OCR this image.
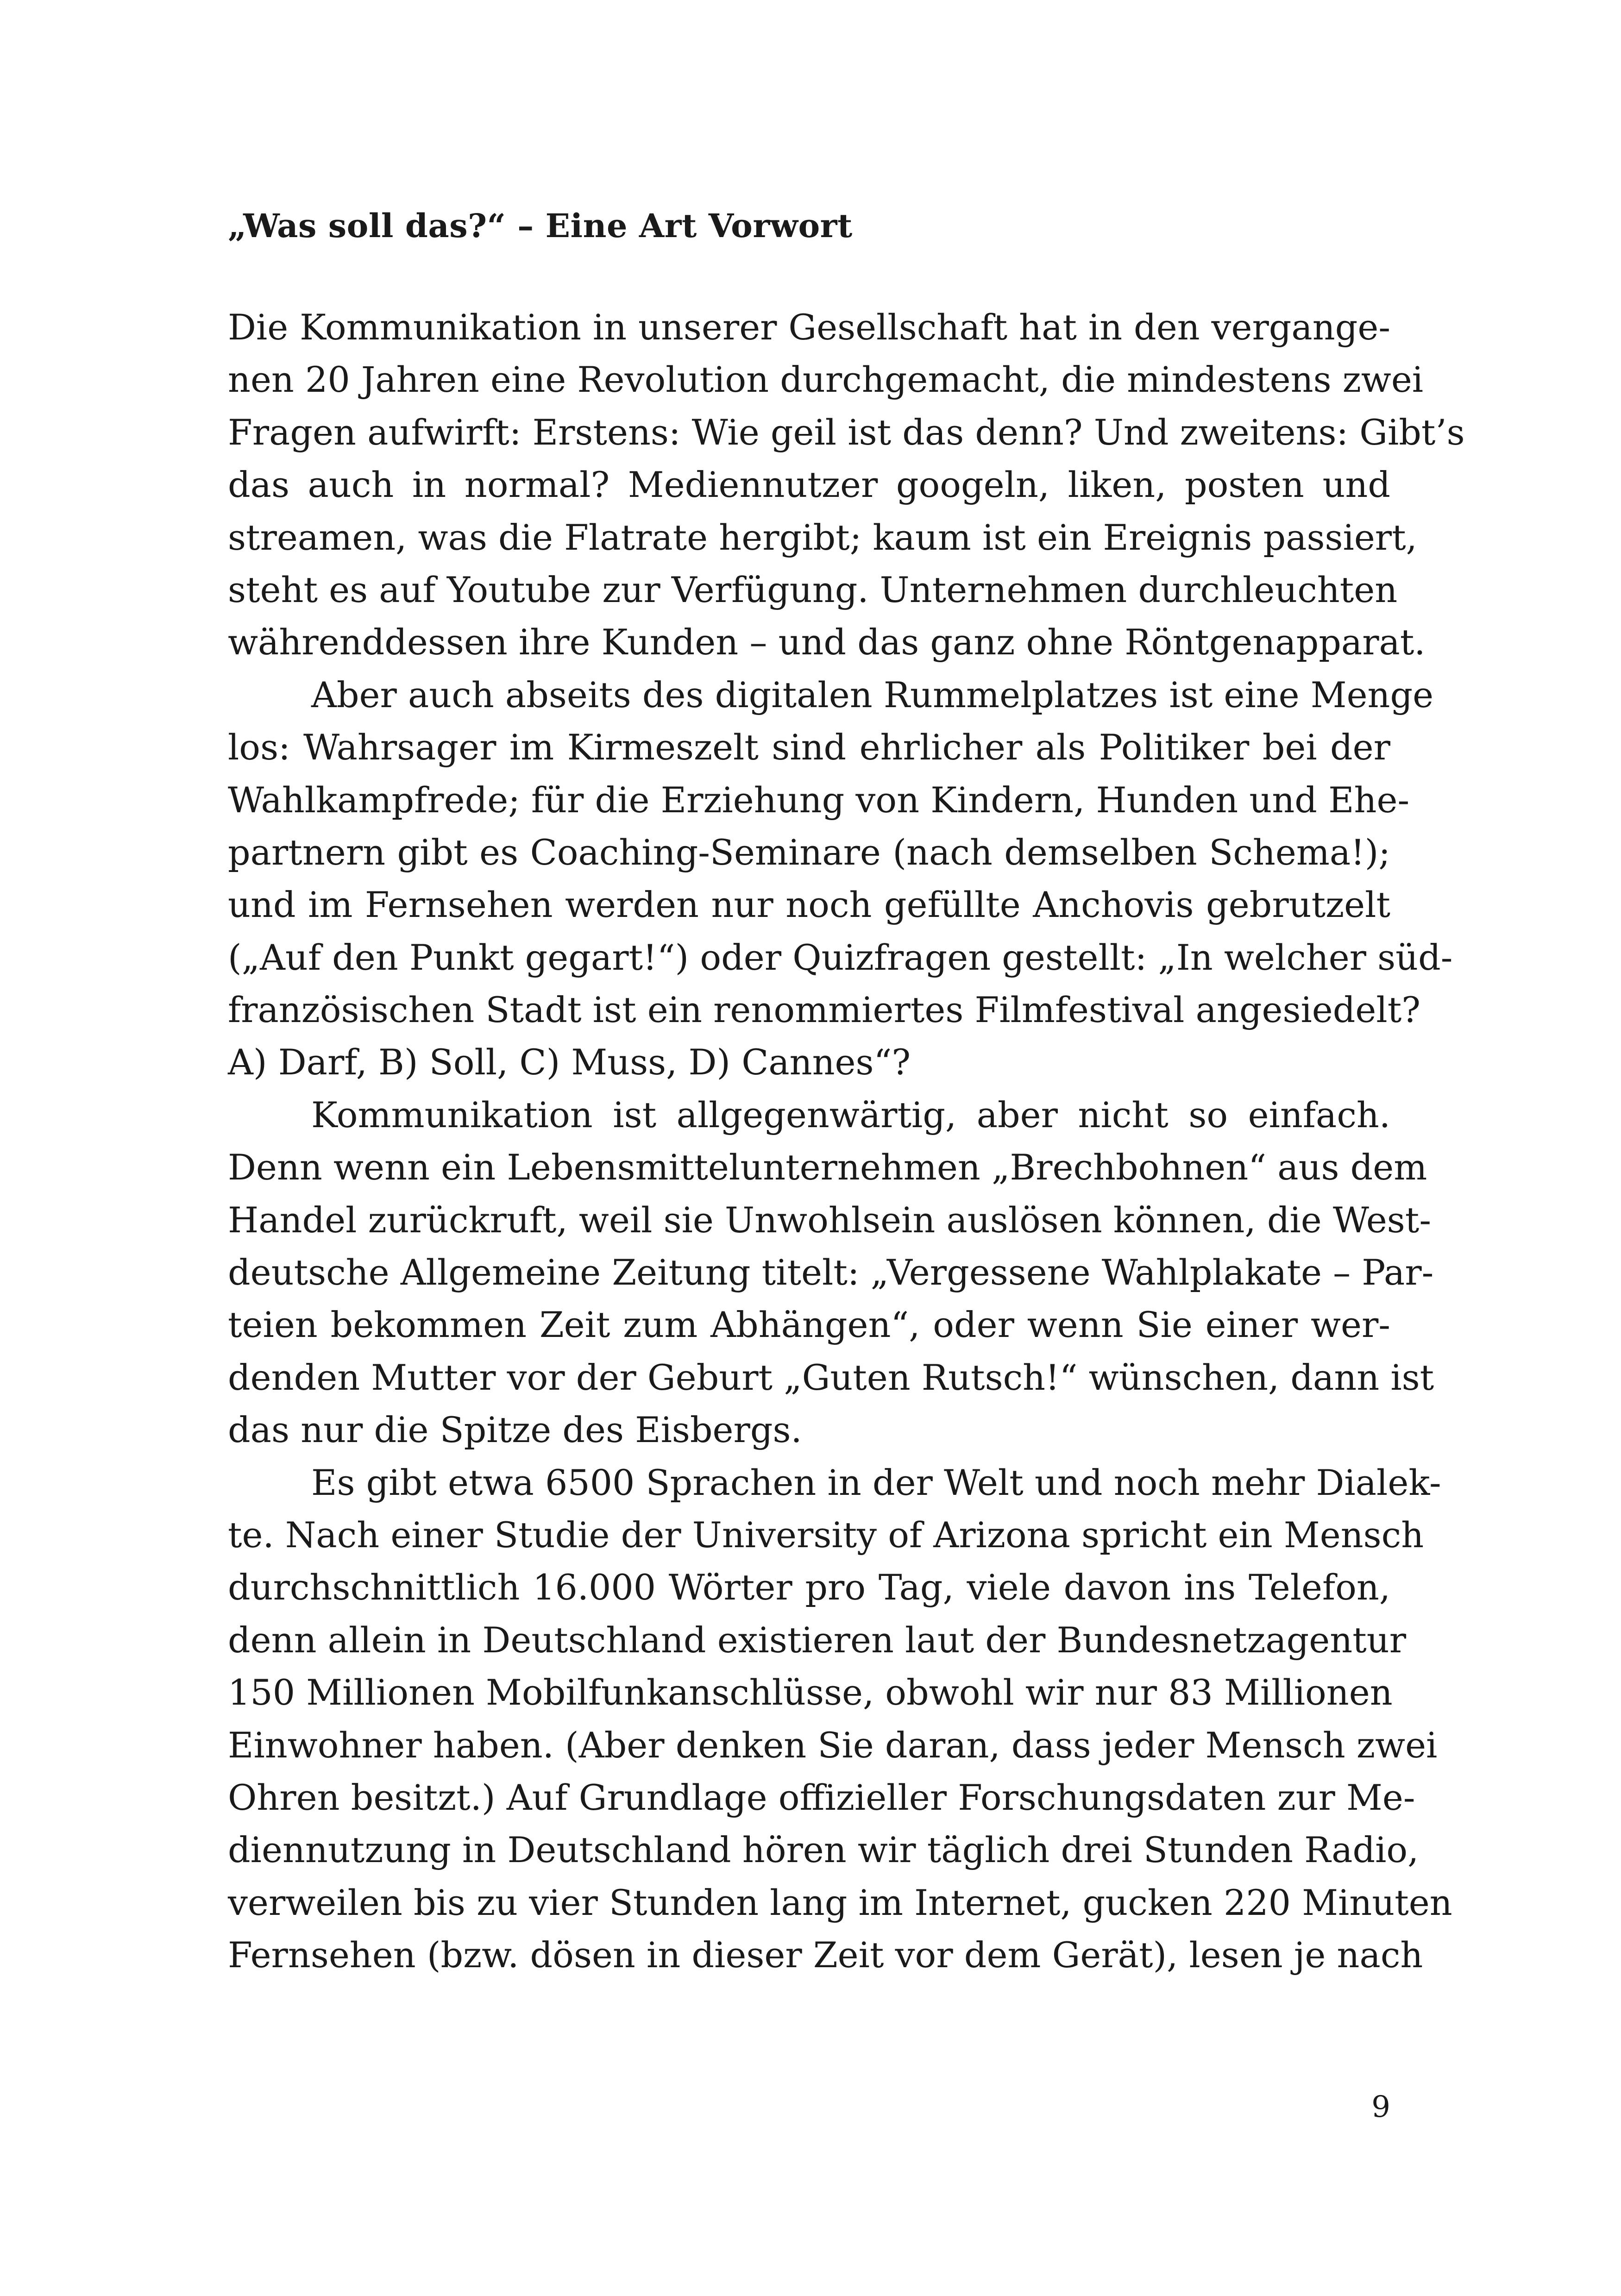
„Was soll das?“ – Eine Art Vorwort
Die Kommunikation in unserer Gesellschaft hat in den vergange-
nen 20 Jahren eine Revolution durchgemacht, die mindestens zwei
Fragen aufwirft: Erstens: Wie geil ist das denn? Und zweitens: Gibt’s
das auch in normal? Mediennutzer googeln, liken, posten und
streamen, was die Flatrate hergibt; kaum ist ein Ereignis passiert,
steht es auf Youtube zur Verfügung. Unternehmen durchleuchten
währenddessen ihre Kunden – und das ganz ohne Röntgenapparat.
Aber auch abseits des digitalen Rummelplatzes ist eine Menge
los: Wahrsager im Kirmeszelt sind ehrlicher als Politiker bei der
Wahlkampfrede; für die Erziehung von Kindern, Hunden und Ehe-
partnern gibt es Coaching-Seminare (nach demselben Schema!);
und im Fernsehen werden nur noch gefüllte Anchovis gebrutzelt
(„Auf den Punkt gegart!“) oder Quizfragen gestellt: „In welcher süd-
französischen Stadt ist ein renommiertes Filmfestival angesiedelt?
A) Darf, B) Soll, C) Muss, D) Cannes“?
Kommunikation ist allgegenwärtig, aber nicht so einfach.
Denn wenn ein Lebensmittelunternehmen „Brechbohnen“ aus dem
Handel zurückruft, weil sie Unwohlsein auslösen können, die West-
deutsche Allgemeine Zeitung titelt: „Vergessene Wahlplakate – Par-
teien bekommen Zeit zum Abhängen“, oder wenn Sie einer wer-
denden Mutter vor der Geburt „Guten Rutsch!“ wünschen, dann ist
das nur die Spitze des Eisbergs.
Es gibt etwa 6500 Sprachen in der Welt und noch mehr Dialek-
te. Nach einer Studie der University of Arizona spricht ein Mensch
durchschnittlich 16.000 Wörter pro Tag, viele davon ins Telefon,
denn allein in Deutschland existieren laut der Bundesnetzagentur
150 Millionen Mobilfunkanschlüsse, obwohl wir nur 83 Millionen
Einwohner haben. (Aber denken Sie daran, dass jeder Mensch zwei
Ohren besitzt.) Auf Grundlage offizieller Forschungsdaten zur Me-
diennutzung in Deutschland hören wir täglich drei Stunden Radio,
verweilen bis zu vier Stunden lang im Internet, gucken 220 Minuten
Fernsehen (bzw. dösen in dieser Zeit vor dem Gerät), lesen je nach

9
